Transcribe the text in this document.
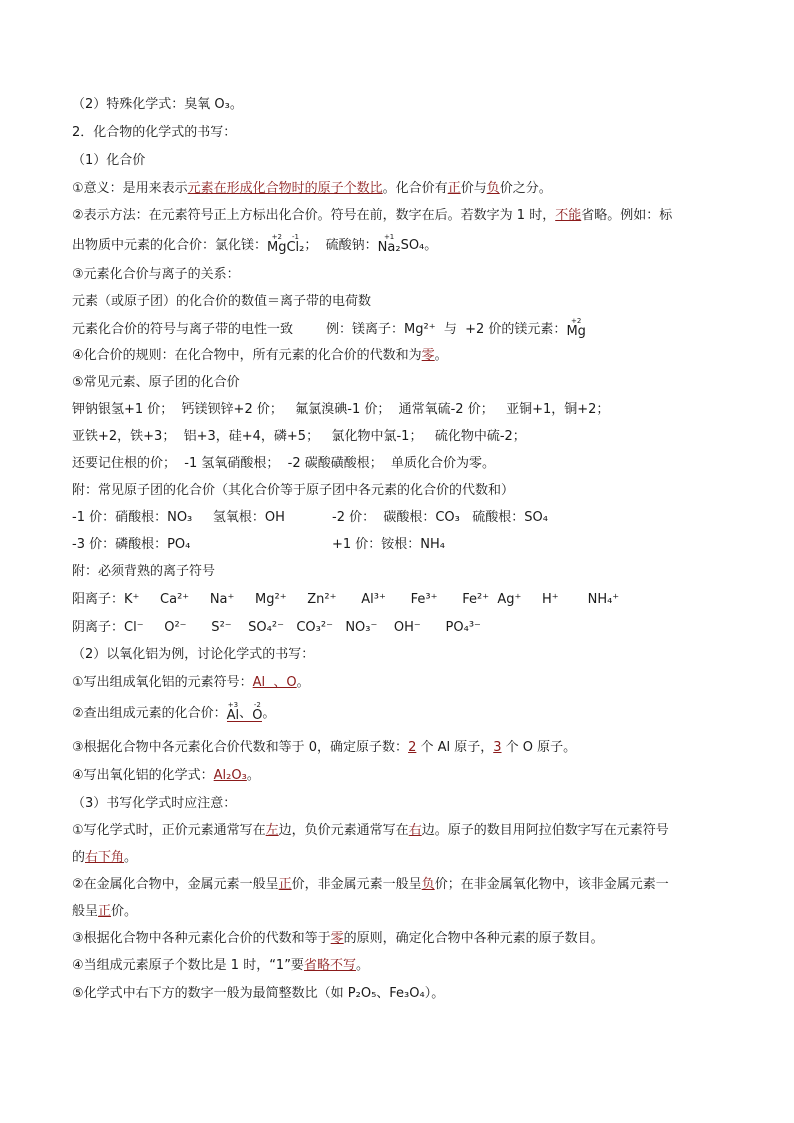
出物质中元素的化合价：氯化镁：
+2
Mg
-1
Cl₂ ；  硫酸钠：
+1
Na₂ SO₄。
元素化合价的符号与离子带的电性一致        例：镁离子：Mg²⁺  与  +2 价的镁元素：
+2
Mg
②查出组成元素的化合价：
+3
Al 、
-2
O 。
（2）特殊化学式：臭氧 O₃。
2．化合物的化学式的书写：
（1）化合价
①意义：是用来表示元素在形成化合物时的原子个数比。化合价有正价与负价之分。
②表示方法：在元素符号正上方标出化合价。符号在前，数字在后。若数字为 1 时，不能省略。例如：标
③元素化合价与离子的关系：
元素（或原子团）的化合价的数值＝离子带的电荷数
④化合价的规则：在化合物中，所有元素的化合价的代数和为零。
⑤常见元素、原子团的化合价
钾钠银氢+1 价；  钙镁钡锌+2 价；   氟氯溴碘-1 价；  通常氧硫-2 价；   亚铜+1，铜+2；
亚铁+2，铁+3；  铝+3，硅+4，磷+5；   氯化物中氯-1；   硫化物中硫-2；
还要记住根的价；  -1 氢氧硝酸根；  -2 碳酸磺酸根；  单质化合价为零。
附：常见原子团的化合价（其化合价等于原子团中各元素的化合价的代数和）
-1 价：硝酸根：NO₃     氢氧根：OH	-2 价：  碳酸根：CO₃   硫酸根：SO₄
-3 价：磷酸根：PO₄	+1 价：铵根：NH₄
附：必须背熟的离子符号
阳离子：K⁺     Ca²⁺     Na⁺     Mg²⁺     Zn²⁺      Al³⁺      Fe³⁺      Fe²⁺  Ag⁺     H⁺       NH₄⁺
阴离子：Cl⁻     O²⁻      S²⁻    SO₄²⁻   CO₃²⁻   NO₃⁻    OH⁻      PO₄³⁻
（2）以氧化铝为例，讨论化学式的书写：
①写出组成氧化铝的元素符号：Al  、O。
③根据化合物中各元素化合价代数和等于 0，确定原子数：2 个 Al 原子，3 个 O 原子。
④写出氧化铝的化学式：Al₂O₃。
（3）书写化学式时应注意：
①写化学式时，正价元素通常写在左边，负价元素通常写在右边。原子的数目用阿拉伯数字写在元素符号
的右下角。
②在金属化合物中，金属元素一般呈正价，非金属元素一般呈负价；在非金属氧化物中，该非金属元素一
般呈正价。
③根据化合物中各种元素化合价的代数和等于零的原则，确定化合物中各种元素的原子数目。
④当组成元素原子个数比是 1 时，“1”要省略不写。
⑤化学式中右下方的数字一般为最简整数比（如 P₂O₅、Fe₃O₄）。
